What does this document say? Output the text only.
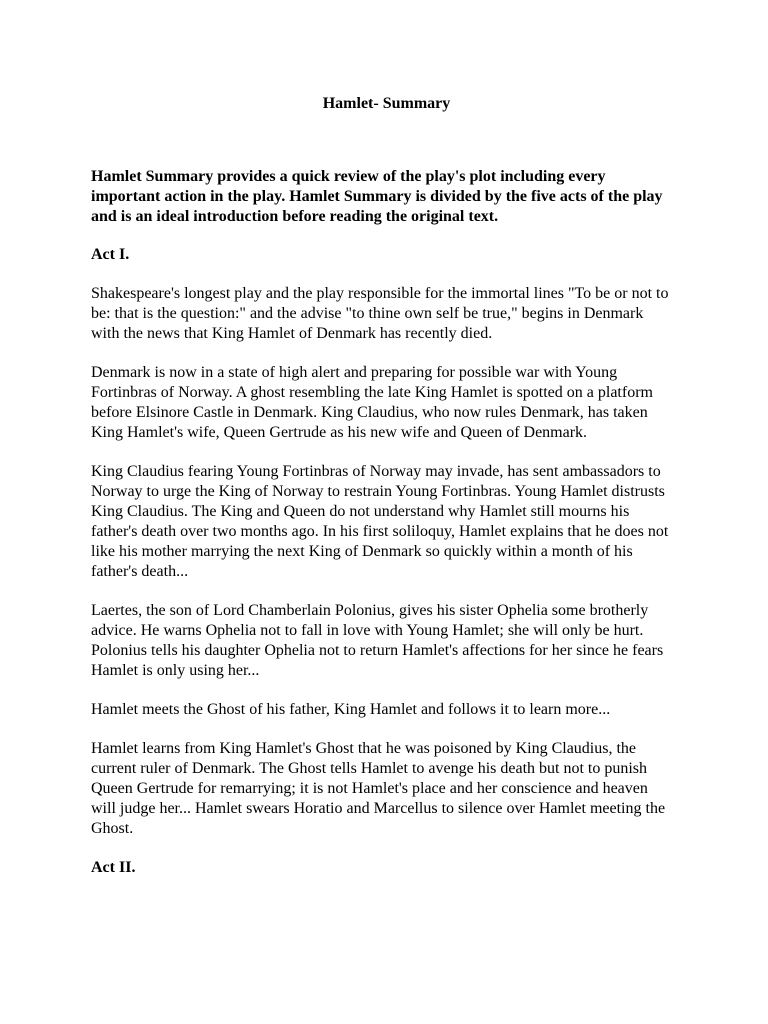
Hamlet- Summary
Hamlet Summary provides a quick review of the play's plot including every important action in the play. Hamlet Summary is divided by the five acts of the play and is an ideal introduction before reading the original text.
Act I.
Shakespeare's longest play and the play responsible for the immortal lines "To be or not to be: that is the question:" and the advise "to thine own self be true," begins in Denmark with the news that King Hamlet of Denmark has recently died.
Denmark is now in a state of high alert and preparing for possible war with Young Fortinbras of Norway. A ghost resembling the late King Hamlet is spotted on a platform before Elsinore Castle in Denmark. King Claudius, who now rules Denmark, has taken King Hamlet's wife, Queen Gertrude as his new wife and Queen of Denmark.
King Claudius fearing Young Fortinbras of Norway may invade, has sent ambassadors to Norway to urge the King of Norway to restrain Young Fortinbras. Young Hamlet distrusts King Claudius. The King and Queen do not understand why Hamlet still mourns his father's death over two months ago. In his first soliloquy, Hamlet explains that he does not like his mother marrying the next King of Denmark so quickly within a month of his father's death...
Laertes, the son of Lord Chamberlain Polonius, gives his sister Ophelia some brotherly advice. He warns Ophelia not to fall in love with Young Hamlet; she will only be hurt. Polonius tells his daughter Ophelia not to return Hamlet's affections for her since he fears Hamlet is only using her...
Hamlet meets the Ghost of his father, King Hamlet and follows it to learn more...
Hamlet learns from King Hamlet's Ghost that he was poisoned by King Claudius, the current ruler of Denmark. The Ghost tells Hamlet to avenge his death but not to punish Queen Gertrude for remarrying; it is not Hamlet's place and her conscience and heaven will judge her... Hamlet swears Horatio and Marcellus to silence over Hamlet meeting the Ghost.
Act II.
